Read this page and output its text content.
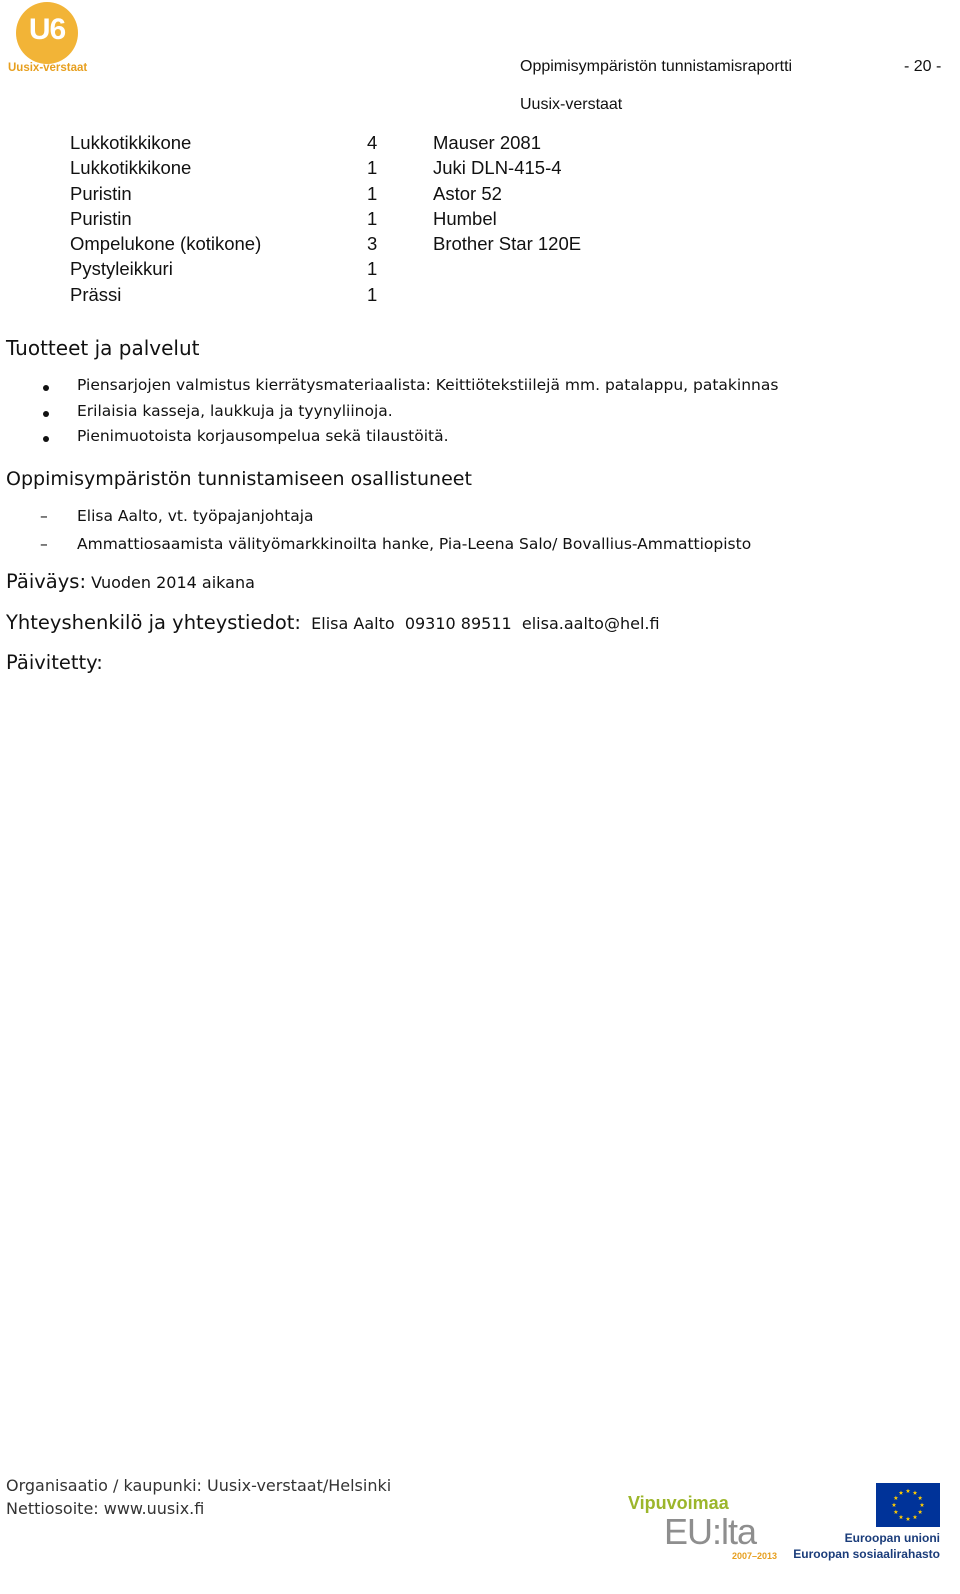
U6
Uusix-verstaat	Oppimisympäristön tunnistamisraportti	- 20 -
Uusix-verstaat
Lukkotikkikone	4	Mauser 2081
Lukkotikkikone	1	Juki DLN-415-4
Puristin	1	Astor 52
Puristin	1	Humbel
Ompelukone (kotikone)	3	Brother Star 120E
Pystyleikkuri	1
Prässi	1
Tuotteet ja palvelut
Piensarjojen valmistus kierrätysmateriaalista: Keittiötekstiilejä mm. patalappu, patakinnas
Erilaisia kasseja, laukkuja ja tyynyliinoja.
Pienimuotoista korjausompelua sekä tilaustöitä.
Oppimisympäristön tunnistamiseen osallistuneet
– Elisa Aalto, vt. työpajanjohtaja
– Ammattiosaamista välityömarkkinoilta hanke, Pia-Leena Salo/ Bovallius-Ammattiopisto
Päiväys: Vuoden 2014 aikana
Yhteyshenkilö ja yhteystiedot: Elisa Aalto 09310 89511 elisa.aalto@hel.fi
Päivitetty:
Organisaatio / kaupunki: Uusix-verstaat/Helsinki
Nettiosoite: www.uusix.fi	Vipuvoimaa
EU:lta
2007–2013
Euroopan unioni
Euroopan sosiaalirahasto
